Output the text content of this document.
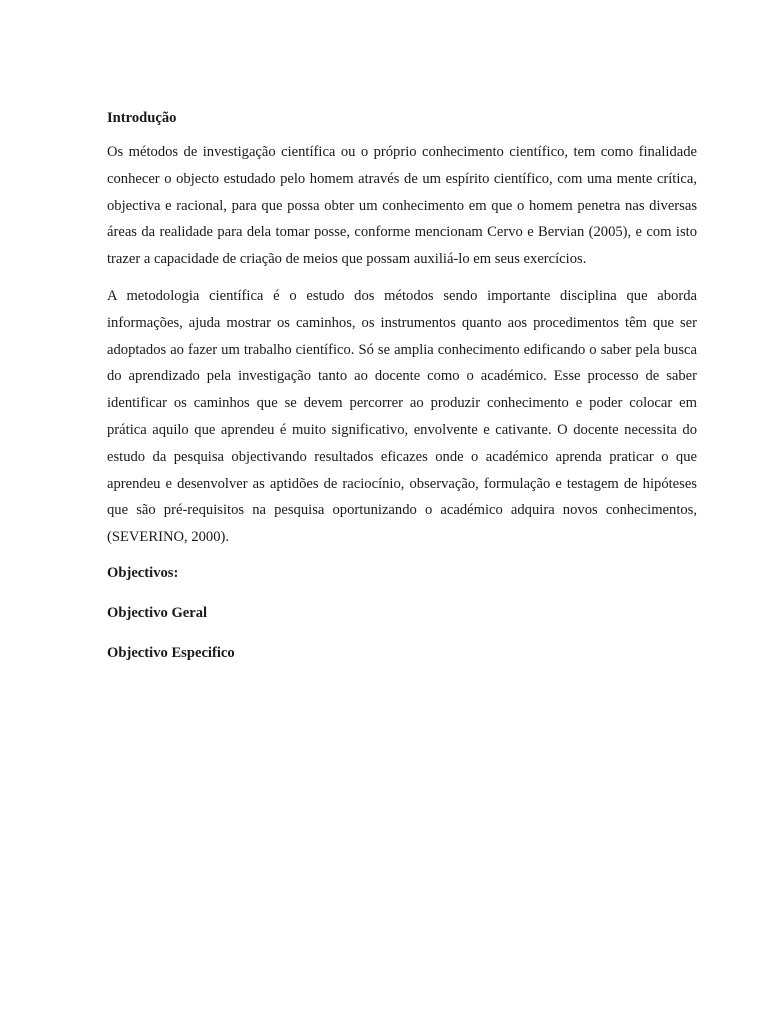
Introdução

Os métodos de investigação científica ou o próprio conhecimento científico, tem como finalidade conhecer o objecto estudado pelo homem através de um espírito científico, com uma mente crítica, objectiva e racional, para que possa obter um conhecimento em que o homem penetra nas diversas áreas da realidade para dela tomar posse, conforme mencionam Cervo e Bervian (2005), e com isto trazer a capacidade de criação de meios que possam auxiliá-lo em seus exercícios.

A metodologia científica é o estudo dos métodos sendo importante disciplina que aborda informações, ajuda mostrar os caminhos, os instrumentos quanto aos procedimentos têm que ser adoptados ao fazer um trabalho científico. Só se amplia conhecimento edificando o saber pela busca do aprendizado pela investigação tanto ao docente como o académico. Esse processo de saber identificar os caminhos que se devem percorrer ao produzir conhecimento e poder colocar em prática aquilo que aprendeu é muito significativo, envolvente e cativante. O docente necessita do estudo da pesquisa objectivando resultados eficazes onde o académico aprenda praticar o que aprendeu e desenvolver as aptidões de raciocínio, observação, formulação e testagem de hipóteses que são pré-requisitos na pesquisa oportunizando o académico adquira novos conhecimentos, (SEVERINO, 2000).

Objectivos:

Objectivo Geral

Objectivo Especifico
